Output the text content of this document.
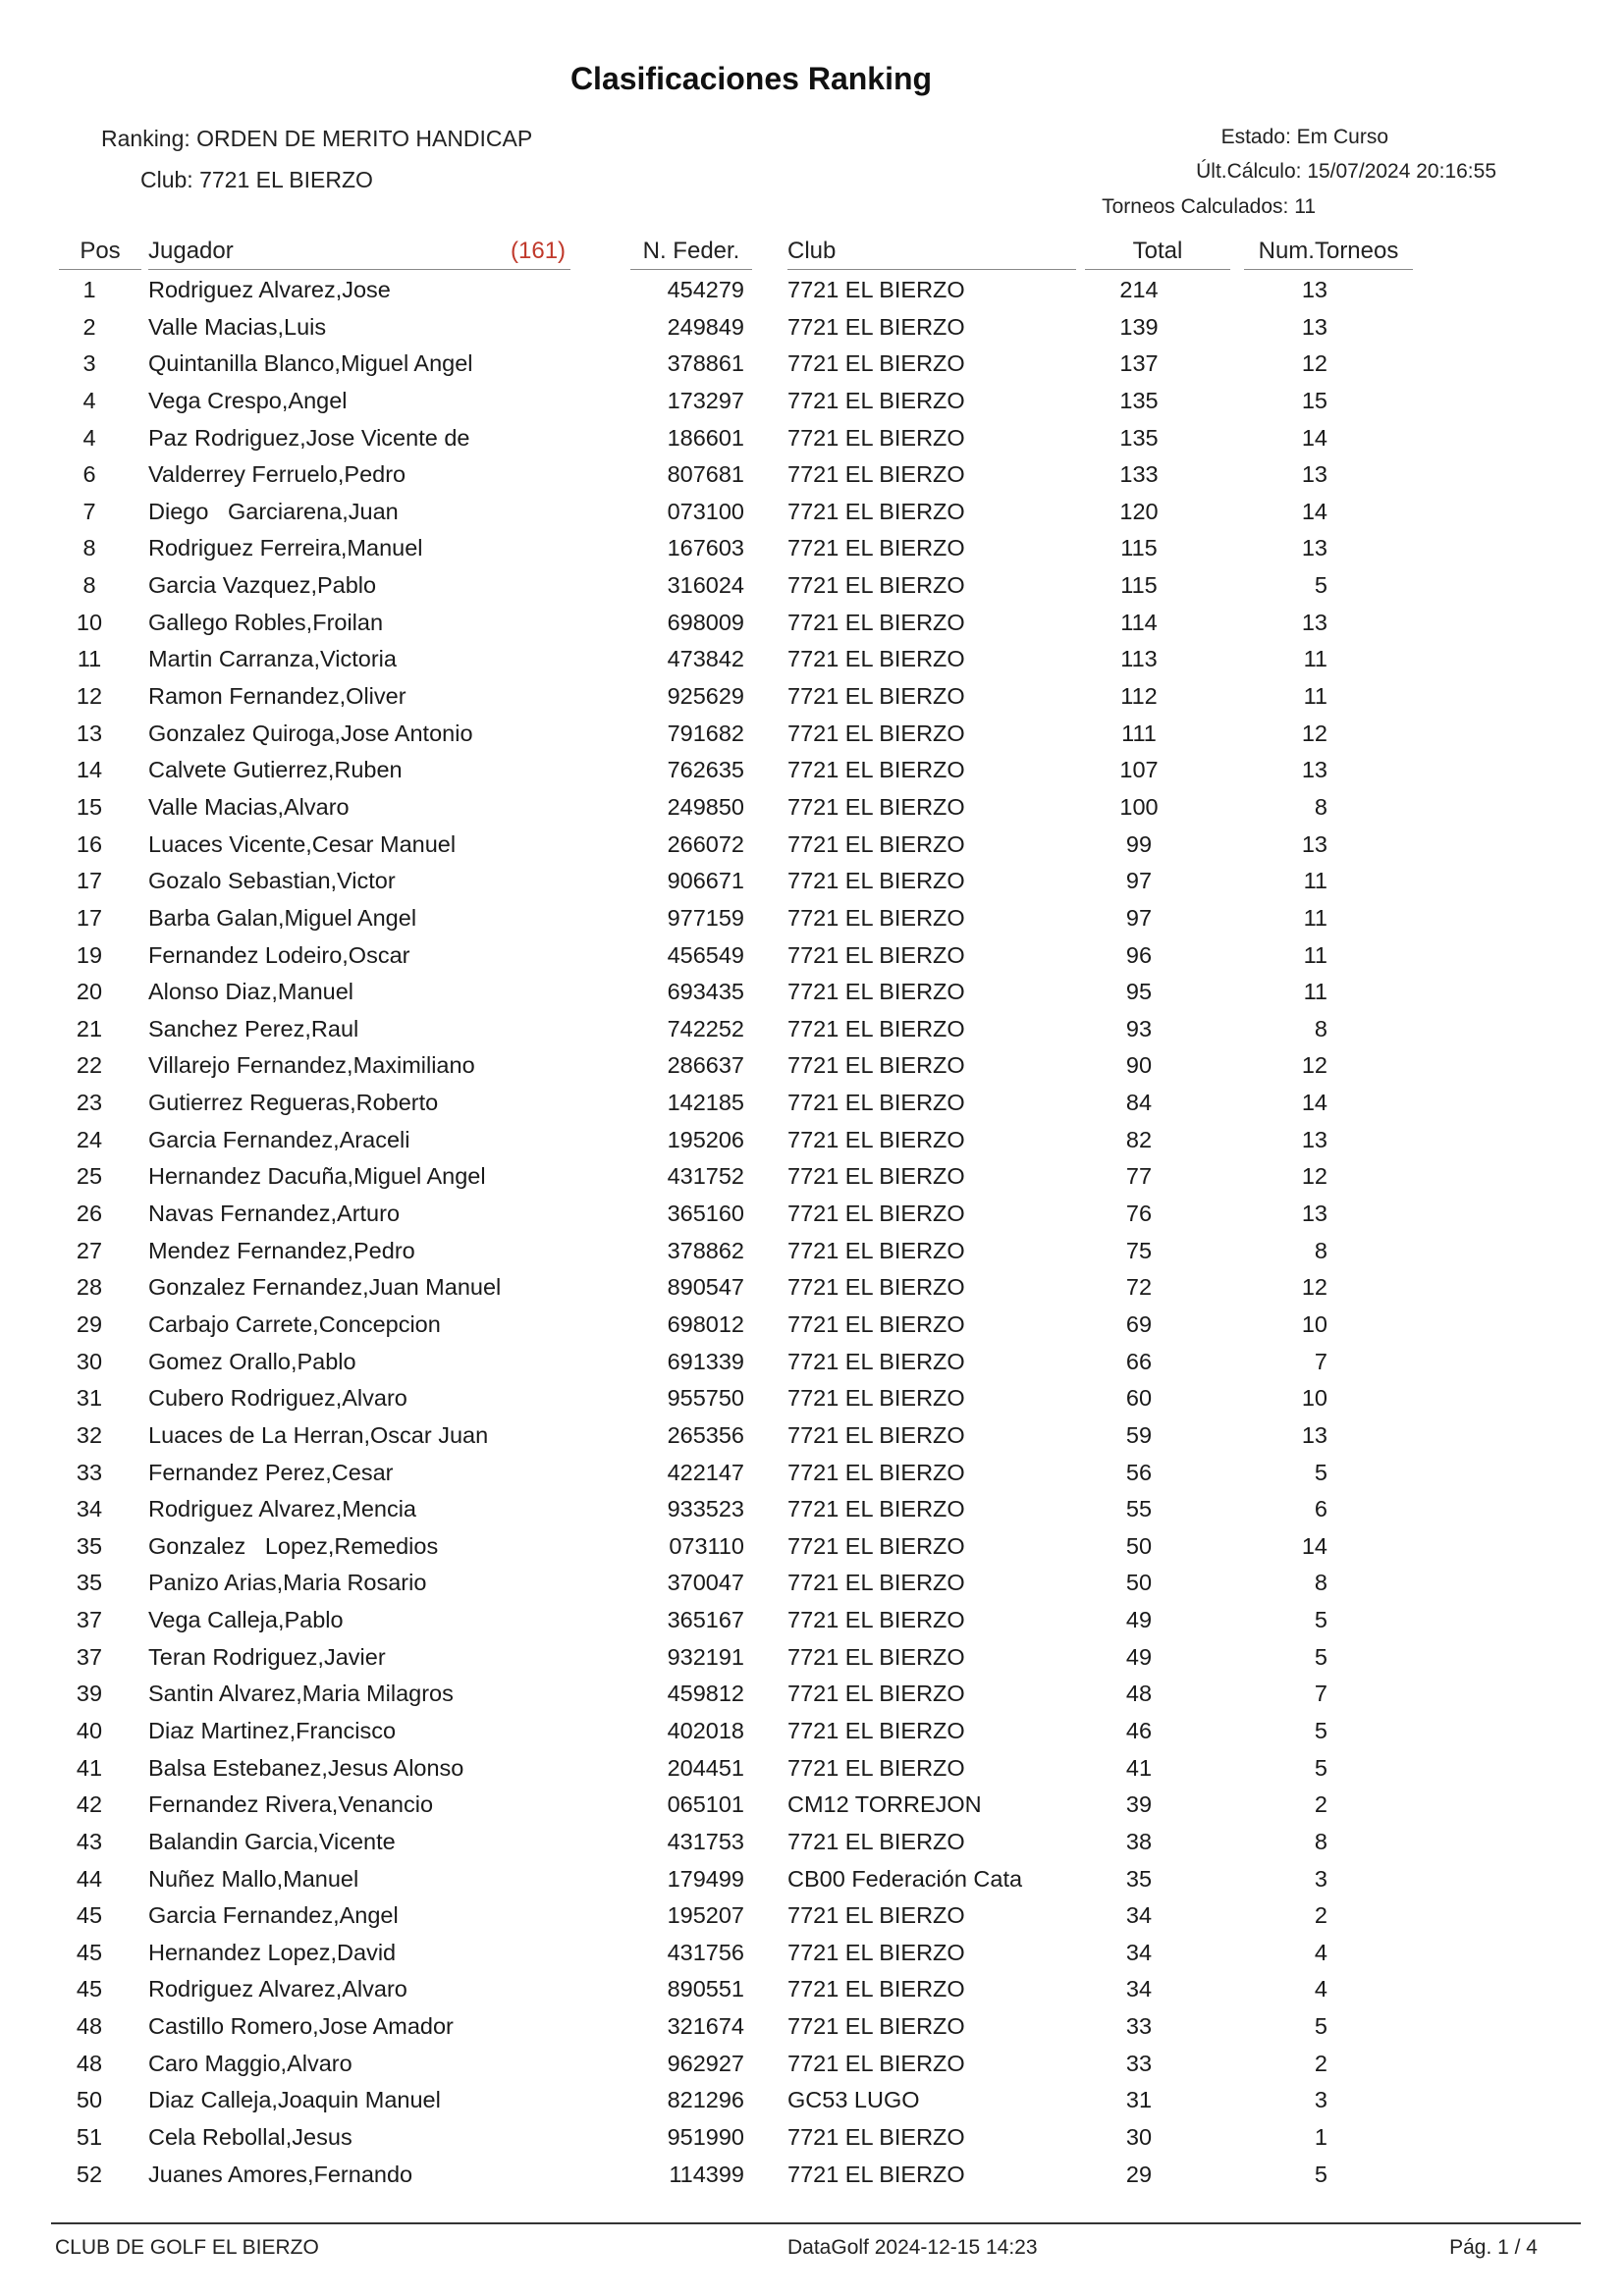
Clasificaciones Ranking
Ranking: ORDEN DE MERITO HANDICAP
Club: 7721 EL BIERZO
Estado: Em Curso
Últ.Cálculo: 15/07/2024 20:16:55
Torneos Calculados: 11
Pos	Jugador	(161)	N. Feder.	Club	Total	Num.Torneos
1	Rodriguez Alvarez,Jose	454279 7721 EL BIERZO	214	13
2	Valle Macias,Luis	249849 7721 EL BIERZO	139	13
3	Quintanilla Blanco,Miguel Angel	378861 7721 EL BIERZO	137	12
4	Vega Crespo,Angel	173297 7721 EL BIERZO	135	15
4	Paz Rodriguez,Jose Vicente de	186601 7721 EL BIERZO	135	14
6	Valderrey Ferruelo,Pedro	807681 7721 EL BIERZO	133	13
7	Diego   Garciarena,Juan	073100 7721 EL BIERZO	120	14
8	Rodriguez Ferreira,Manuel	167603 7721 EL BIERZO	115	13
8	Garcia Vazquez,Pablo	316024 7721 EL BIERZO	115	5
10	Gallego Robles,Froilan	698009 7721 EL BIERZO	114	13
11	Martin Carranza,Victoria	473842 7721 EL BIERZO	113	11
12	Ramon Fernandez,Oliver	925629 7721 EL BIERZO	112	11
13	Gonzalez Quiroga,Jose Antonio	791682 7721 EL BIERZO	111	12
14	Calvete Gutierrez,Ruben	762635 7721 EL BIERZO	107	13
15	Valle Macias,Alvaro	249850 7721 EL BIERZO	100	8
16	Luaces Vicente,Cesar Manuel	266072 7721 EL BIERZO	99	13
17	Gozalo Sebastian,Victor	906671 7721 EL BIERZO	97	11
17	Barba Galan,Miguel Angel	977159 7721 EL BIERZO	97	11
19	Fernandez Lodeiro,Oscar	456549 7721 EL BIERZO	96	11
20	Alonso Diaz,Manuel	693435 7721 EL BIERZO	95	11
21	Sanchez Perez,Raul	742252 7721 EL BIERZO	93	8
22	Villarejo Fernandez,Maximiliano	286637 7721 EL BIERZO	90	12
23	Gutierrez Regueras,Roberto	142185 7721 EL BIERZO	84	14
24	Garcia Fernandez,Araceli	195206 7721 EL BIERZO	82	13
25	Hernandez Dacuña,Miguel Angel	431752 7721 EL BIERZO	77	12
26	Navas Fernandez,Arturo	365160 7721 EL BIERZO	76	13
27	Mendez Fernandez,Pedro	378862 7721 EL BIERZO	75	8
28	Gonzalez Fernandez,Juan Manuel	890547 7721 EL BIERZO	72	12
29	Carbajo Carrete,Concepcion	698012 7721 EL BIERZO	69	10
30	Gomez Orallo,Pablo	691339 7721 EL BIERZO	66	7
31	Cubero Rodriguez,Alvaro	955750 7721 EL BIERZO	60	10
32	Luaces de La Herran,Oscar Juan	265356 7721 EL BIERZO	59	13
33	Fernandez Perez,Cesar	422147 7721 EL BIERZO	56	5
34	Rodriguez Alvarez,Mencia	933523 7721 EL BIERZO	55	6
35	Gonzalez   Lopez,Remedios	073110 7721 EL BIERZO	50	14
35	Panizo Arias,Maria Rosario	370047 7721 EL BIERZO	50	8
37	Vega Calleja,Pablo	365167 7721 EL BIERZO	49	5
37	Teran Rodriguez,Javier	932191 7721 EL BIERZO	49	5
39	Santin Alvarez,Maria Milagros	459812 7721 EL BIERZO	48	7
40	Diaz Martinez,Francisco	402018 7721 EL BIERZO	46	5
41	Balsa Estebanez,Jesus Alonso	204451 7721 EL BIERZO	41	5
42	Fernandez Rivera,Venancio	065101 CM12 TORREJON	39	2
43	Balandin Garcia,Vicente	431753 7721 EL BIERZO	38	8
44	Nuñez Mallo,Manuel	179499 CB00 Federación Cata	35	3
45	Garcia Fernandez,Angel	195207 7721 EL BIERZO	34	2
45	Hernandez Lopez,David	431756 7721 EL BIERZO	34	4
45	Rodriguez Alvarez,Alvaro	890551 7721 EL BIERZO	34	4
48	Castillo Romero,Jose Amador	321674 7721 EL BIERZO	33	5
48	Caro Maggio,Alvaro	962927 7721 EL BIERZO	33	2
50	Diaz Calleja,Joaquin Manuel	821296 GC53 LUGO	31	3
51	Cela Rebollal,Jesus	951990 7721 EL BIERZO	30	1
52	Juanes Amores,Fernando	114399 7721 EL BIERZO	29	5
CLUB DE GOLF EL BIERZO	DataGolf 2024-12-15 14:23	Pág. 1 / 4
